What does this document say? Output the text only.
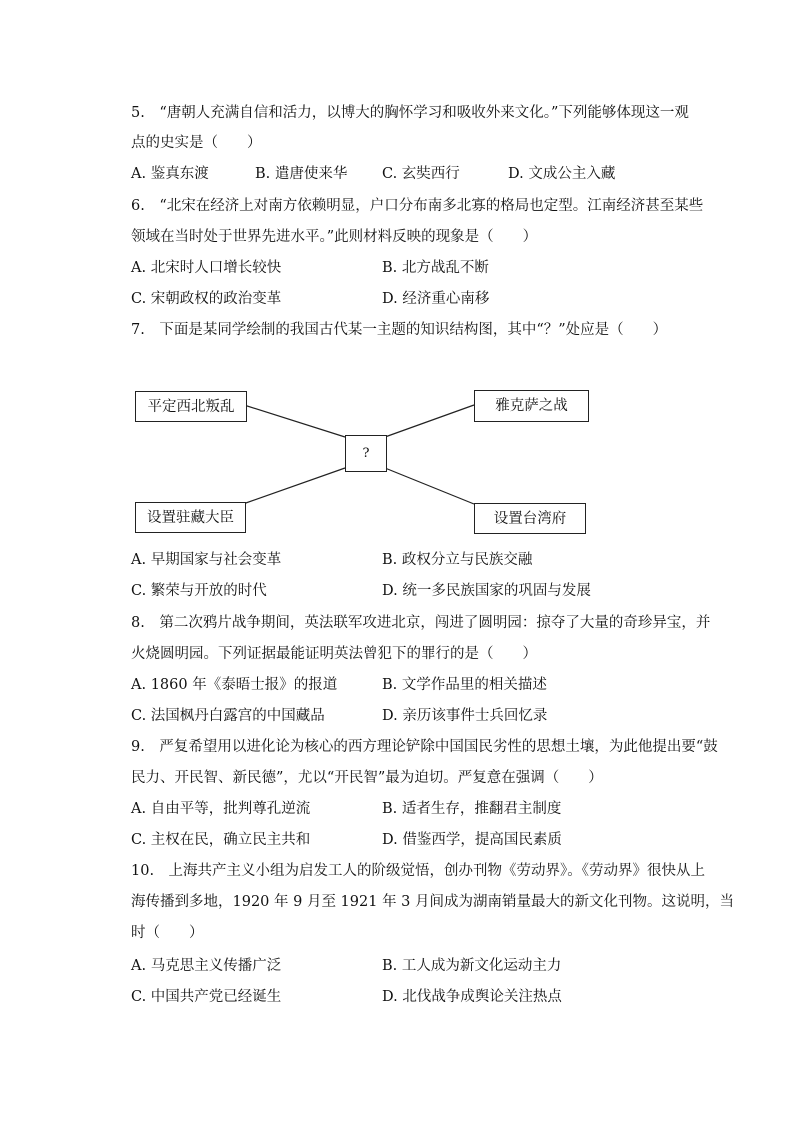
5.　“唐朝人充满自信和活力，以博大的胸怀学习和吸收外来文化。”下列能够体现这一观
点的史实是（　　）
A. 鉴真东渡	B. 遣唐使来华 C. 玄奘西行	D. 文成公主入藏
6.　“北宋在经济上对南方依赖明显，户口分布南多北寡的格局也定型。江南经济甚至某些
领域在当时处于世界先进水平。”此则材料反映的现象是（　　）
A. 北宋时人口增长较快	B. 北方战乱不断
C. 宋朝政权的政治变革	D. 经济重心南移
7.　下面是某同学绘制的我国古代某一主题的知识结构图，其中“？”处应是（　　）
平定西北叛乱	雅克萨之战
?
设置驻藏大臣	设置台湾府
A. 早期国家与社会变革	B. 政权分立与民族交融
C. 繁荣与开放的时代	D. 统一多民族国家的巩固与发展
8.　第二次鸦片战争期间，英法联军攻进北京，闯进了圆明园：掠夺了大量的奇珍异宝，并
火烧圆明园。下列证据最能证明英法曾犯下的罪行的是（　　）
A. 1860 年《泰晤士报》的报道	B. 文学作品里的相关描述
C. 法国枫丹白露宫的中国藏品	D. 亲历该事件士兵回忆录
9.　严复希望用以进化论为核心的西方理论铲除中国国民劣性的思想土壤，为此他提出要“鼓
民力、开民智、新民德”，尤以“开民智”最为迫切。严复意在强调（　　）
A. 自由平等，批判尊孔逆流	B. 适者生存，推翻君主制度
C. 主权在民，确立民主共和	D. 借鉴西学，提高国民素质
10.　上海共产主义小组为启发工人的阶级觉悟，创办刊物《劳动界》。《劳动界》很快从上
海传播到多地，1920 年 9 月至 1921 年 3 月间成为湖南销量最大的新文化刊物。这说明，当
时（　　）
A. 马克思主义传播广泛	B. 工人成为新文化运动主力
C. 中国共产党已经诞生	D. 北伐战争成舆论关注热点
